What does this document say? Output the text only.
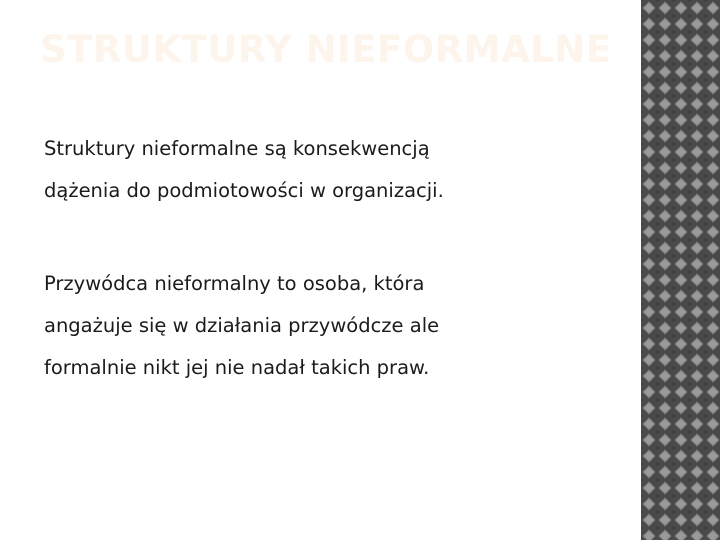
STRUKTURY NIEFORMALNE

Struktury nieformalne są konsekwencją
dążenia do podmiotowości w organizacji.

Przywódca nieformalny to osoba, która
angażuje się w działania przywódcze ale
formalnie nikt jej nie nadał takich praw.
